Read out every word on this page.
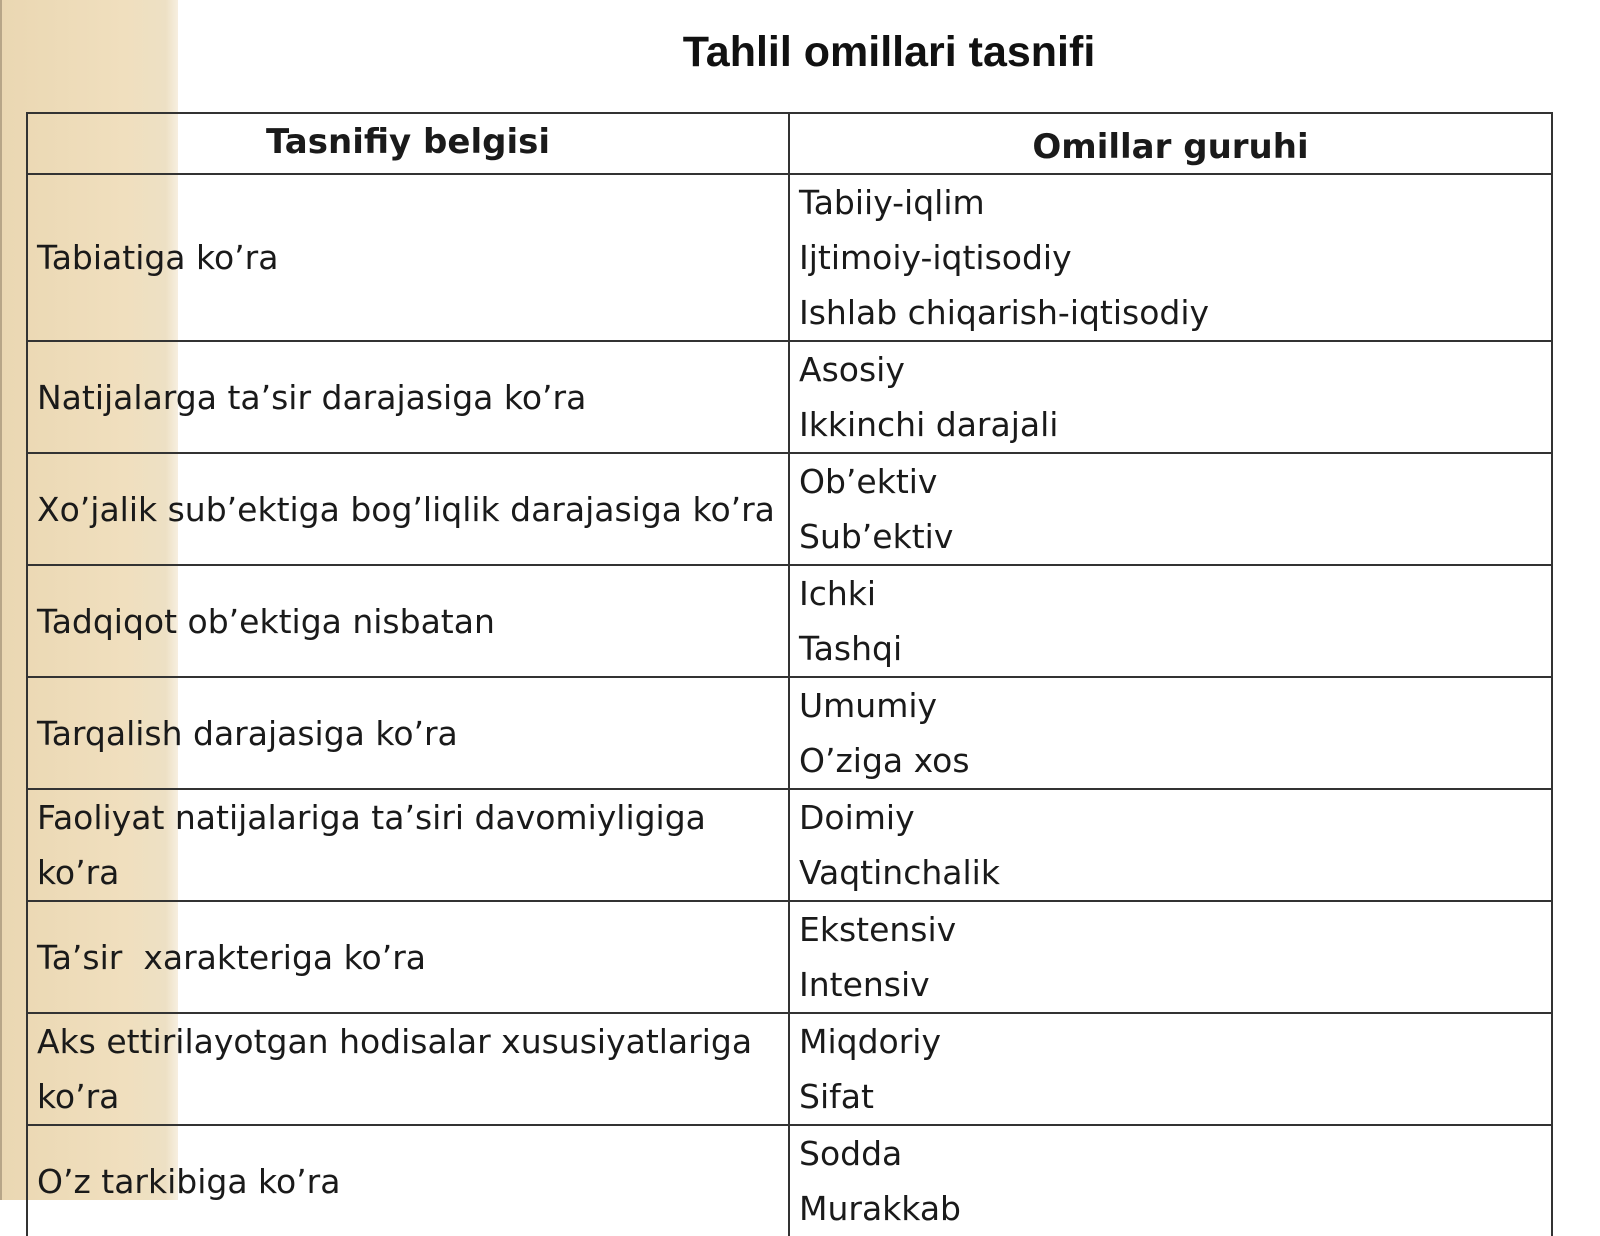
Tahlil omillari tasnifi
Tasnifiy belgisi	Omillar guruhi
Tabiatiga ko’ra	Tabiiy-iqlim
Ijtimoiy-iqtisodiy
Ishlab chiqarish-iqtisodiy

Natijalarga ta’sir darajasiga ko’ra	Asosiy
Ikkinchi darajali

Xo’jalik sub’ektiga bog’liqlik darajasiga ko’ra	Ob’ektiv
Sub’ektiv

Tadqiqot ob’ektiga nisbatan	Ichki
Tashqi

Tarqalish darajasiga ko’ra	Umumiy
O’ziga xos

Faoliyat natijalariga ta’siri davomiyligiga ko’ra	Doimiy
Vaqtinchalik

Ta’sir  xarakteriga ko’ra	Ekstensiv
Intensiv

Aks ettirilayotgan hodisalar xususiyatlariga ko’ra	Miqdoriy
Sifat

O’z tarkibiga ko’ra	Sodda
Murakkab
